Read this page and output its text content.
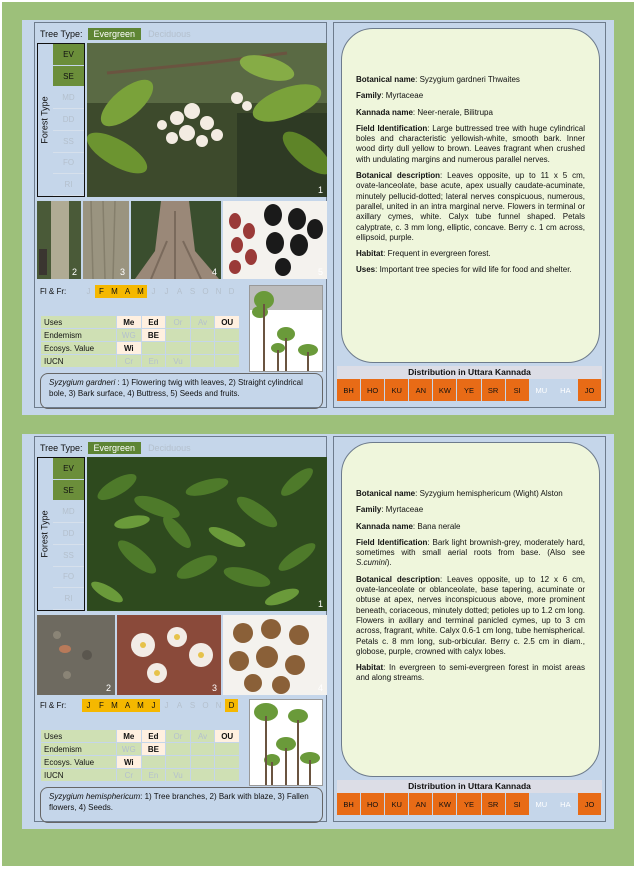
Tree Type:	Evergreen	Deciduous
Forest Type
EV
SE
MD
DD
SS
FO
RI
1
2	3	4	5
Fl & Fr:	J	F M A M J	J	A S O N D
Uses	Me	Ed	Or	Av	OU
Endemism	WG	BE			
Ecosys. Value	Wi				
IUCN	Cr	En	Vu		
Syzygium gardneri : 1) Flowering twig with leaves, 2) Straight cylindrical bole, 3) Bark surface, 4) Buttress, 5) Seeds and fruits.

Botanical name: Syzygium gardneri Thwaites

Family: Myrtaceae

Kannada name: Neer-nerale, Bilitrupa

Field Identification: Large buttressed tree with huge cylindrical boles and characteristic yellowish-white, smooth bark. Inner wood dirty dull yellow to brown. Leaves fragrant when crushed with undulating margins and numerous parallel nerves.

Botanical description: Leaves opposite, up to 11 x 5 cm, ovate-lanceolate, base acute, apex usually caudate-acuminate, minutely pellucid-dotted; lateral nerves conspicuous, numerous, parallel, united in an intra marginal nerve. Flowers in terminal or axillary cymes, white. Calyx tube funnel shaped. Petals calyptrate, c. 3 mm long, elliptic, concave. Berry c. 1 cm across, ellipsoid, purple.

Habitat: Frequent in evergreen forest.

Uses: Important tree species for wild life for food and shelter.

Distribution in Uttara Kannada
BH	HO	KU	AN	KW	YE	SR	SI	MU	HA	JO
Tree Type:	Evergreen	Deciduous
Forest Type
EV
SE
MD
DD
SS
FO
RI
1
2	3	4
Fl & Fr:	J	F M A M J	J	A S O N D
Uses	Me	Ed	Or	Av	OU
Endemism	WG	BE			
Ecosys. Value	Wi				
IUCN	Cr	En	Vu		
Syzygium hemisphericum: 1) Tree branches, 2) Bark with blaze, 3) Fallen flowers, 4) Seeds.

Botanical name: Syzygium hemisphericum (Wight) Alston

Family: Myrtaceae

Kannada name: Bana nerale

Field Identification: Bark light brownish-grey, moderately hard, sometimes with small aerial roots from base. (Also see S.cumini).

Botanical description: Leaves opposite, up to 12 x 6 cm, ovate-lanceolate or oblanceolate, base tapering, acuminate or obtuse at apex, nerves inconspicuous above, more prominent beneath, coriaceous, minutely dotted; petioles up to 1.2 cm long. Flowers in axillary and terminal panicled cymes, up to 3 cm across, fragrant, white. Calyx 0.6-1 cm long, tube hemispherical. Petals c. 8 mm long, sub-orbicular. Berry c. 2.5 cm in diam., globose, purple, crowned with calyx lobes.

Habitat: In evergreen to semi-evergreen forest in moist areas and along streams.

Distribution in Uttara Kannada
BH	HO	KU	AN	KW	YE	SR	SI	MU	HA	JO
